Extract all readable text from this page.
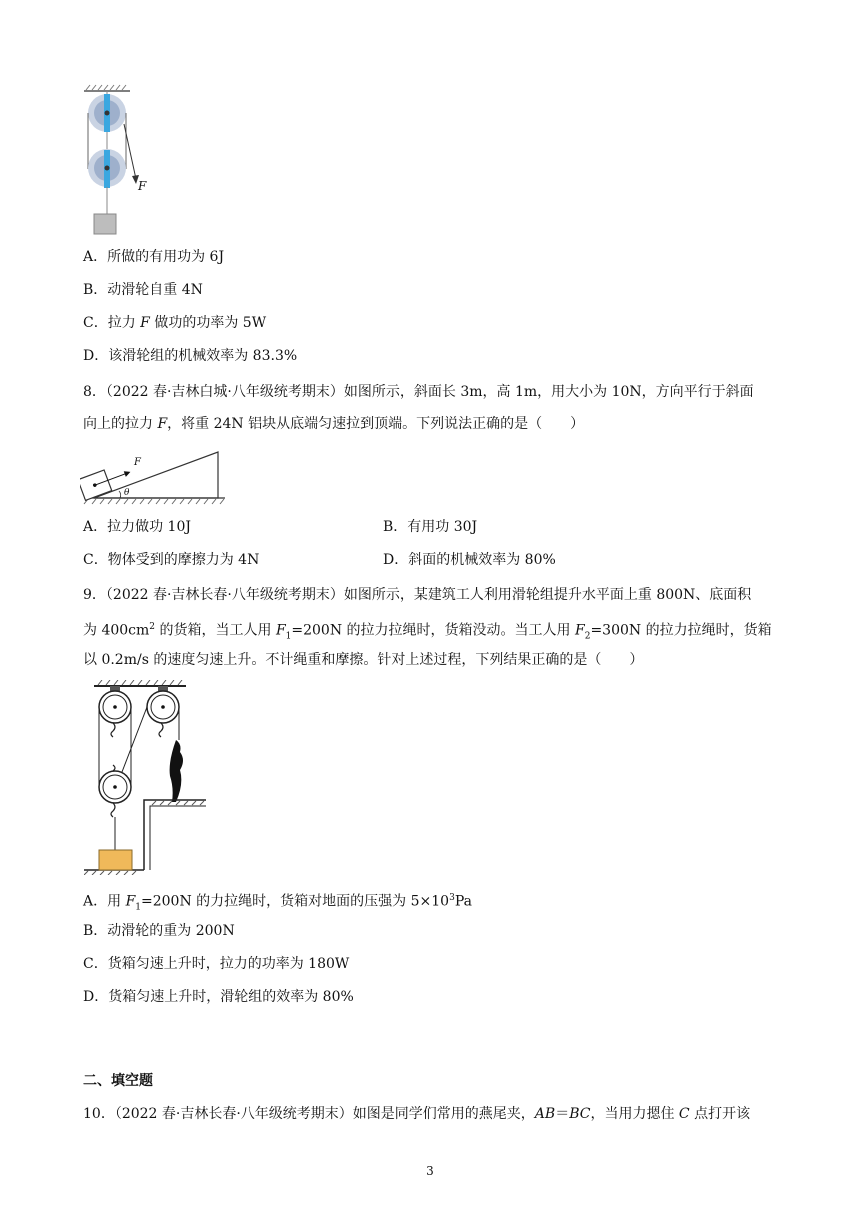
F
A．所做的有用功为 6J
B．动滑轮自重 4N
C．拉力 F 做功的功率为 5W
D．该滑轮组的机械效率为 83.3%
8．（2022 春·吉林白城·八年级统考期末）如图所示，斜面长 3m，高 1m，用大小为 10N，方向平行于斜面
向上的拉力 F，将重 24N 铝块从底端匀速拉到顶端。下列说法正确的是（　　）
F
θ
A．拉力做功 10J	B．有用功 30J
C．物体受到的摩擦力为 4N	D．斜面的机械效率为 80%
9．（2022 春·吉林长春·八年级统考期末）如图所示，某建筑工人利用滑轮组提升水平面上重 800N、底面积
为 $400cm^2$ 的货箱，当工人用 $F_1=200N$ 的拉力拉绳时，货箱没动。当工人用 $F_2=300N$ 的拉力拉绳时，货箱
以 0.2m/s 的速度匀速上升。不计绳重和摩擦。针对上述过程，下列结果正确的是（　　）
A．用 $F_1=200N$ 的力拉绳时，货箱对地面的压强为 $5\times 10^3Pa$
B．动滑轮的重为 200N
C．货箱匀速上升时，拉力的功率为 180W
D．货箱匀速上升时，滑轮组的效率为 80%
二、填空题
10．（2022 春·吉林长春·八年级统考期末）如图是同学们常用的燕尾夹，AB＝BC，当用力摁住 C 点打开该
3
